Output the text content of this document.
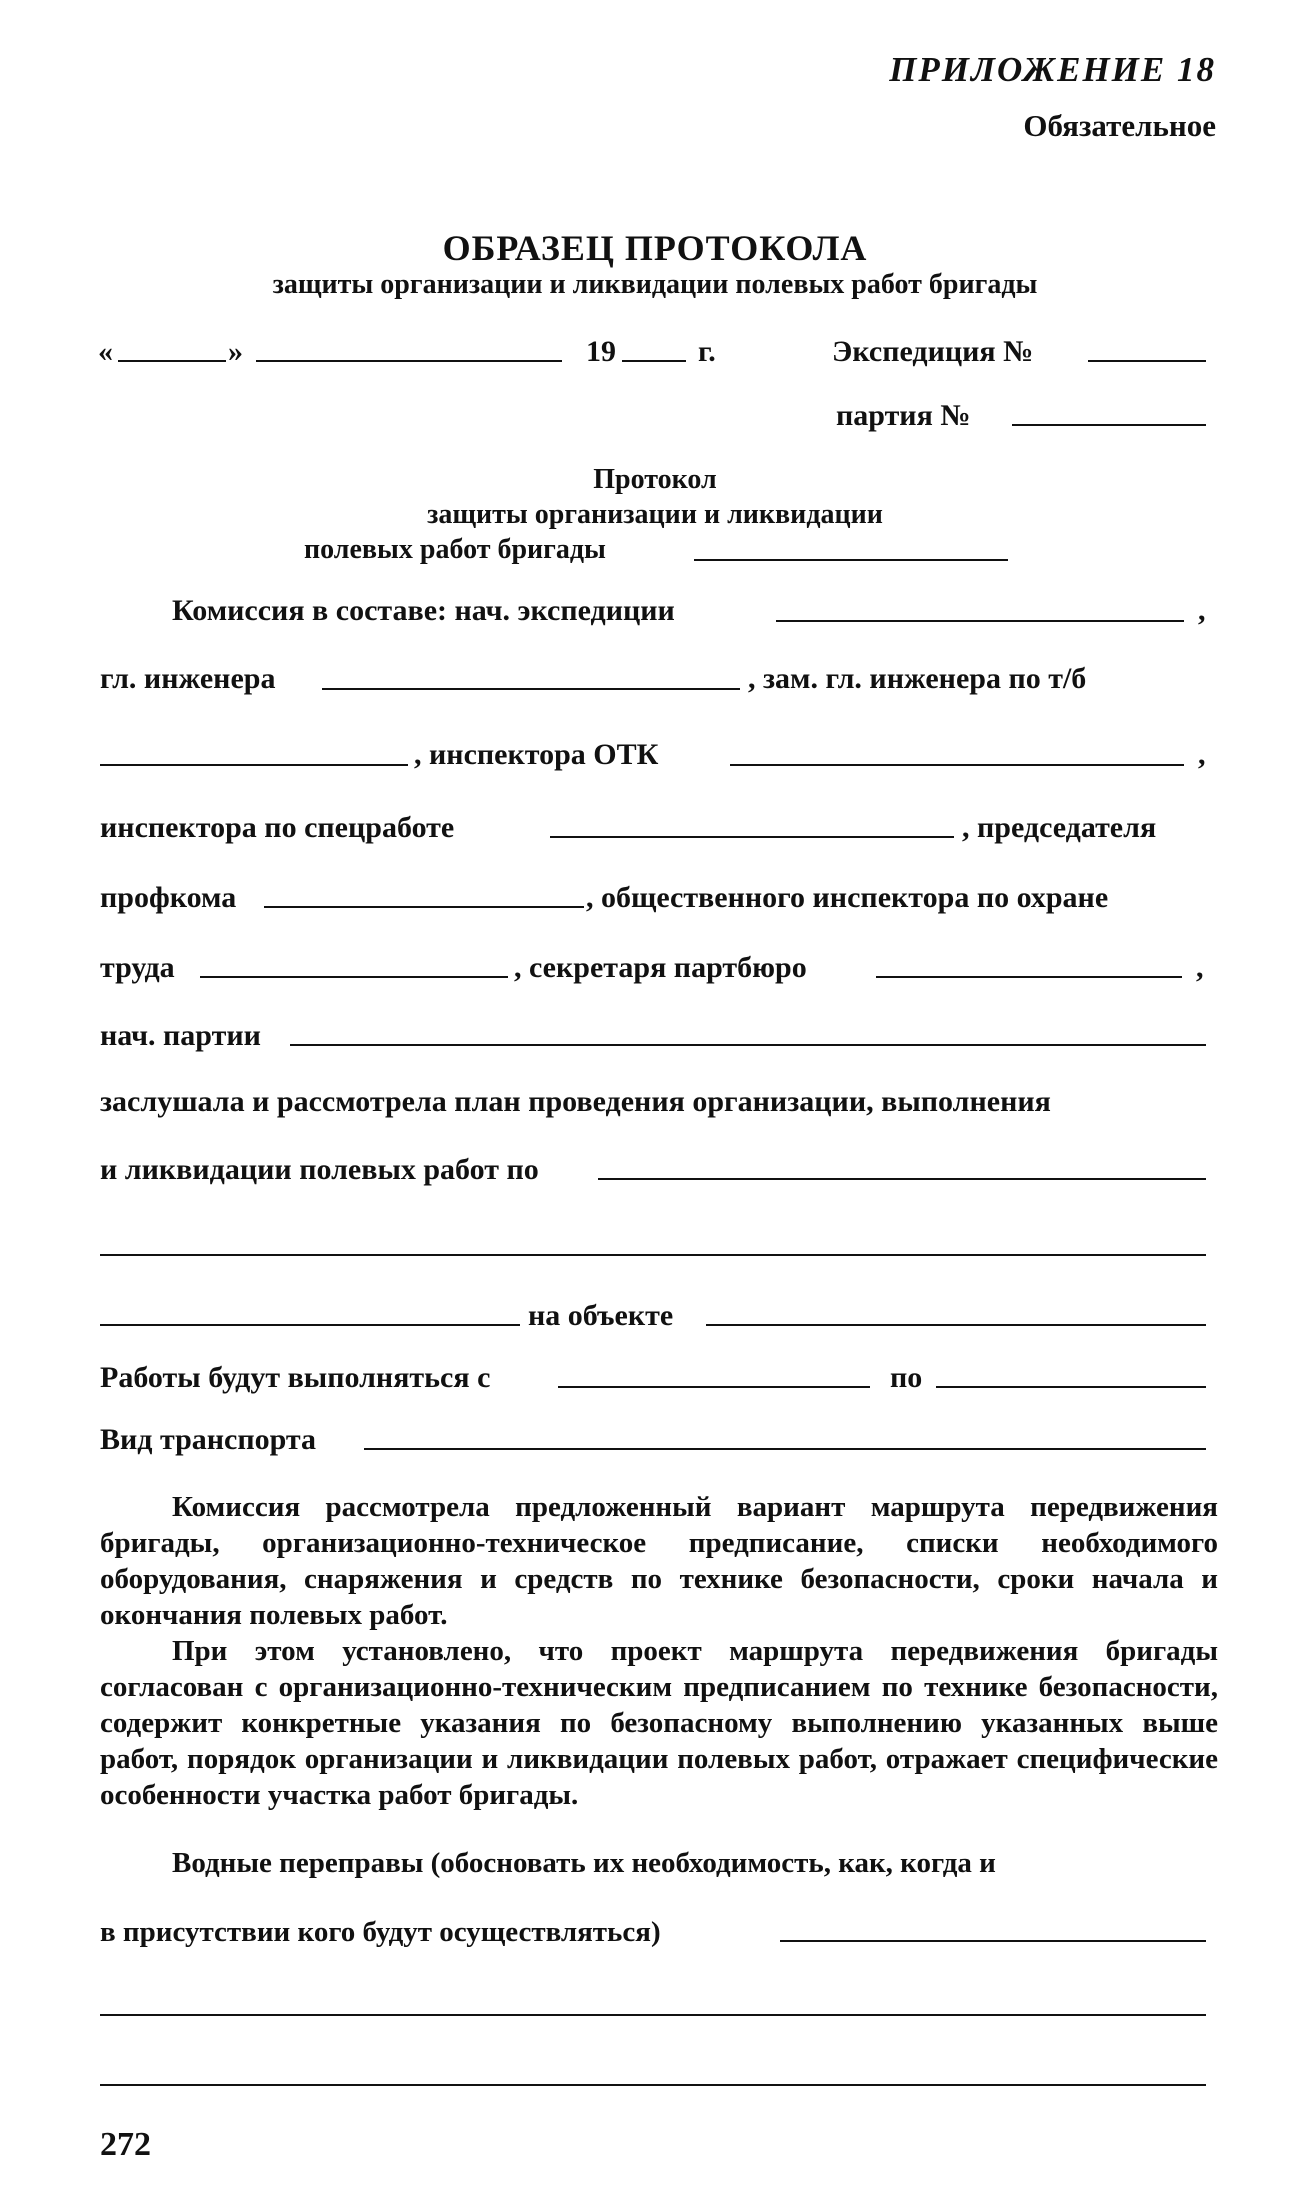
ПРИЛОЖЕНИЕ 18
Обязательное
ОБРАЗЕЦ ПРОТОКОЛА
защиты организации и ликвидации полевых работ бригады
«	»	19	г.	Экспедиция №
партия №
Протокол
защиты организации и ликвидации
полевых работ бригады
Комиссия в составе: нач. экспедиции	,
гл. инженера	, зам. гл. инженера по т/б
, инспектора ОТК	,
инспектора по спецработе	, председателя
профкома	, общественного инспектора по охране
труда	, секретаря партбюро	,
нач. партии
заслушала и рассмотрела план проведения организации, выполнения
и ликвидации полевых работ по
на объекте
Работы будут выполняться с	по
Вид транспорта
Комиссия рассмотрела предложенный вариант маршрута передвижения бригады, организационно-техническое предписание, списки необходимого оборудования, снаряжения и средств по технике безопасности, сроки начала и окончания полевых работ.
При этом установлено, что проект маршрута передвижения бригады согласован с организационно-техническим предписанием по технике безопасности, содержит конкретные указания по безопасному выполнению указанных выше работ, порядок организации и ликвидации полевых работ, отражает специфические особенности участка работ бригады.
Водные переправы (обосновать их необходимость, как, когда и
в присутствии кого будут осуществляться)
272
